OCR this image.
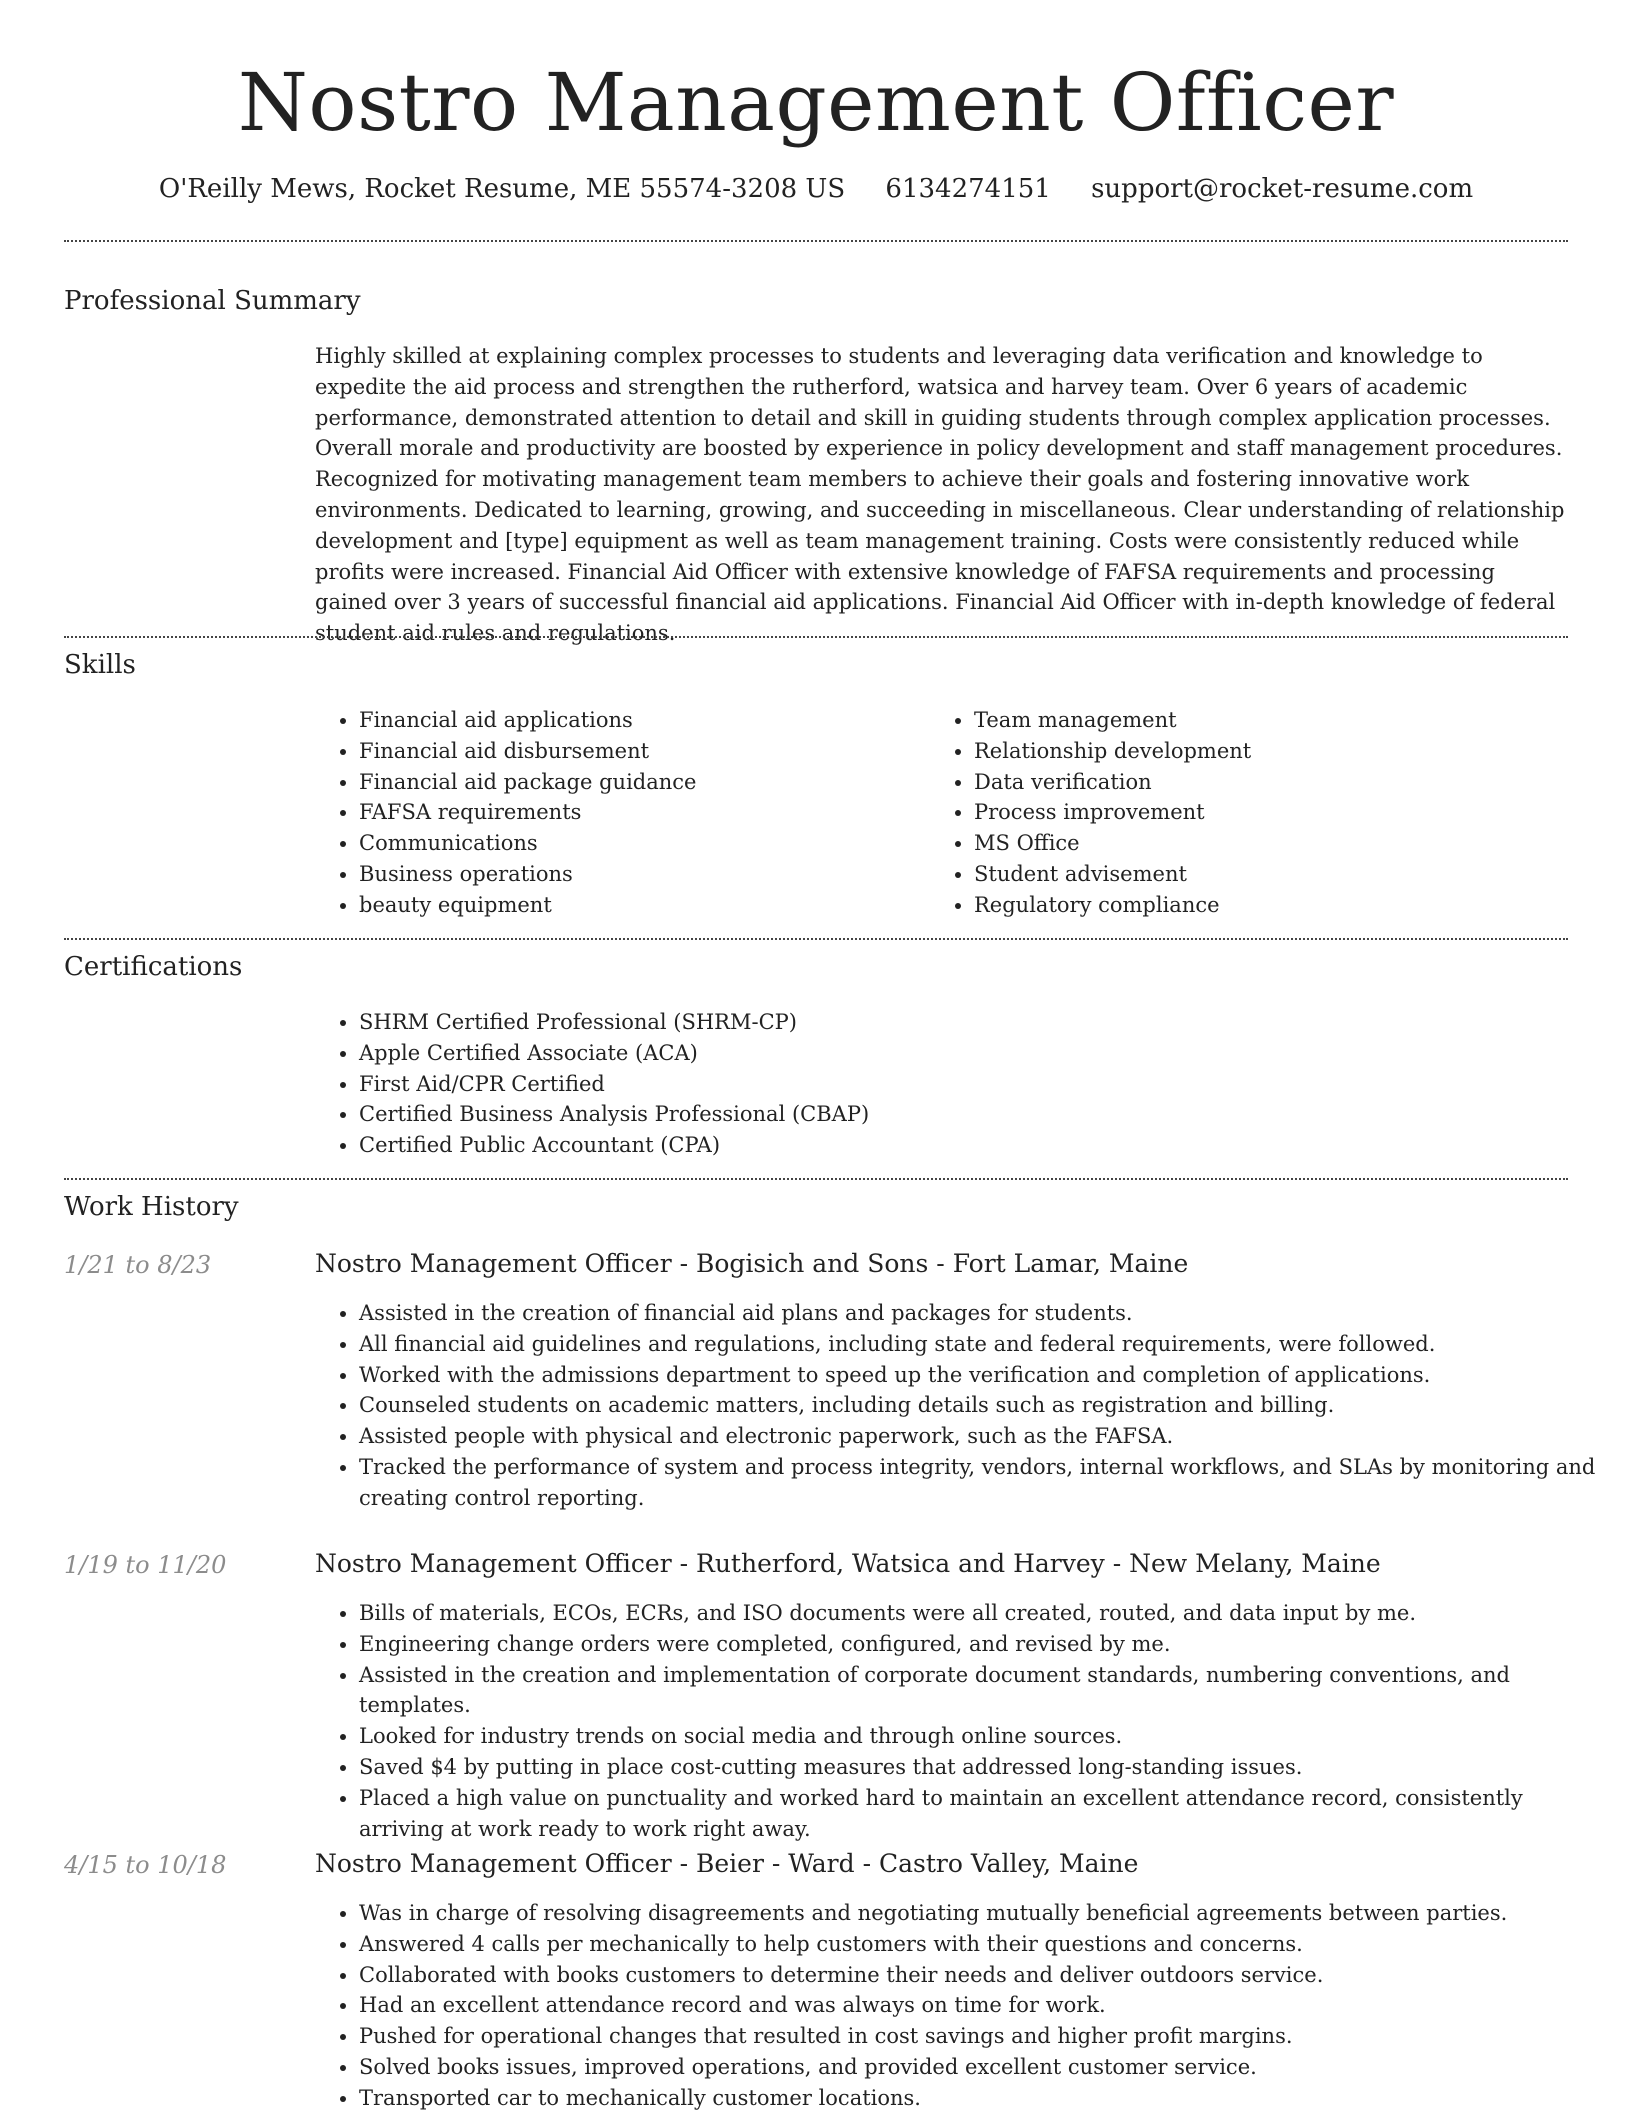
Nostro Management Officer
O'Reilly Mews, Rocket Resume, ME 55574-3208 US 6134274151 support@rocket-resume.com
Professional Summary

Highly skilled at explaining complex processes to students and leveraging data verification and knowledge to expedite the aid process and strengthen the rutherford, watsica and harvey team. Over 6 years of academic performance, demonstrated attention to detail and skill in guiding students through complex application processes. Overall morale and productivity are boosted by experience in policy development and staff management procedures. Recognized for motivating management team members to achieve their goals and fostering innovative work environments. Dedicated to learning, growing, and succeeding in miscellaneous. Clear understanding of relationship development and [type] equipment as well as team management training. Costs were consistently reduced while profits were increased. Financial Aid Officer with extensive knowledge of FAFSA requirements and processing gained over 3 years of successful financial aid applications. Financial Aid Officer with in-depth knowledge of federal student aid rules and regulations.

Skills
• Financial aid applications
• Financial aid disbursement
• Financial aid package guidance
• FAFSA requirements
• Communications
• Business operations
• beauty equipment
• Team management
• Relationship development
• Data verification
• Process improvement
• MS Office
• Student advisement
• Regulatory compliance
Certifications
• SHRM Certified Professional (SHRM-CP)
• Apple Certified Associate (ACA)
• First Aid/CPR Certified
• Certified Business Analysis Professional (CBAP)
• Certified Public Accountant (CPA)
Work History
1/21 to 8/23	Nostro Management Officer - Bogisich and Sons - Fort Lamar, Maine
• Assisted in the creation of financial aid plans and packages for students.
• All financial aid guidelines and regulations, including state and federal requirements, were followed.
• Worked with the admissions department to speed up the verification and completion of applications.
• Counseled students on academic matters, including details such as registration and billing.
• Assisted people with physical and electronic paperwork, such as the FAFSA.
• Tracked the performance of system and process integrity, vendors, internal workflows, and SLAs by monitoring and creating control reporting.
1/19 to 11/20	Nostro Management Officer - Rutherford, Watsica and Harvey - New Melany, Maine
• Bills of materials, ECOs, ECRs, and ISO documents were all created, routed, and data input by me.
• Engineering change orders were completed, configured, and revised by me.
• Assisted in the creation and implementation of corporate document standards, numbering conventions, and templates.
• Looked for industry trends on social media and through online sources.
• Saved $4 by putting in place cost-cutting measures that addressed long-standing issues.
• Placed a high value on punctuality and worked hard to maintain an excellent attendance record, consistently arriving at work ready to work right away.
4/15 to 10/18	Nostro Management Officer - Beier - Ward - Castro Valley, Maine
• Was in charge of resolving disagreements and negotiating mutually beneficial agreements between parties.
• Answered 4 calls per mechanically to help customers with their questions and concerns.
• Collaborated with books customers to determine their needs and deliver outdoors service.
• Had an excellent attendance record and was always on time for work.
• Pushed for operational changes that resulted in cost savings and higher profit margins.
• Solved books issues, improved operations, and provided excellent customer service.
• Transported car to mechanically customer locations.
